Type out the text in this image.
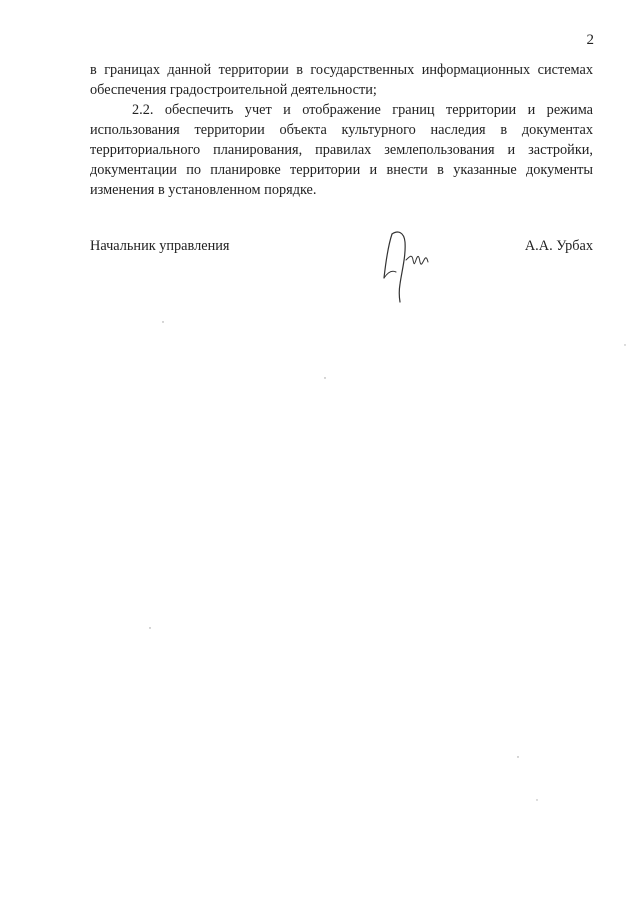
2

в границах данной территории в государственных информационных системах обеспечения градостроительной деятельности;

2.2. обеспечить учет и отображение границ территории и режима использования территории объекта культурного наследия в документах территориального планирования, правилах землепользования и застройки, документации по планировке территории и внести в указанные документы изменения в установленном порядке.

Начальник управления	А.А. Урбах
